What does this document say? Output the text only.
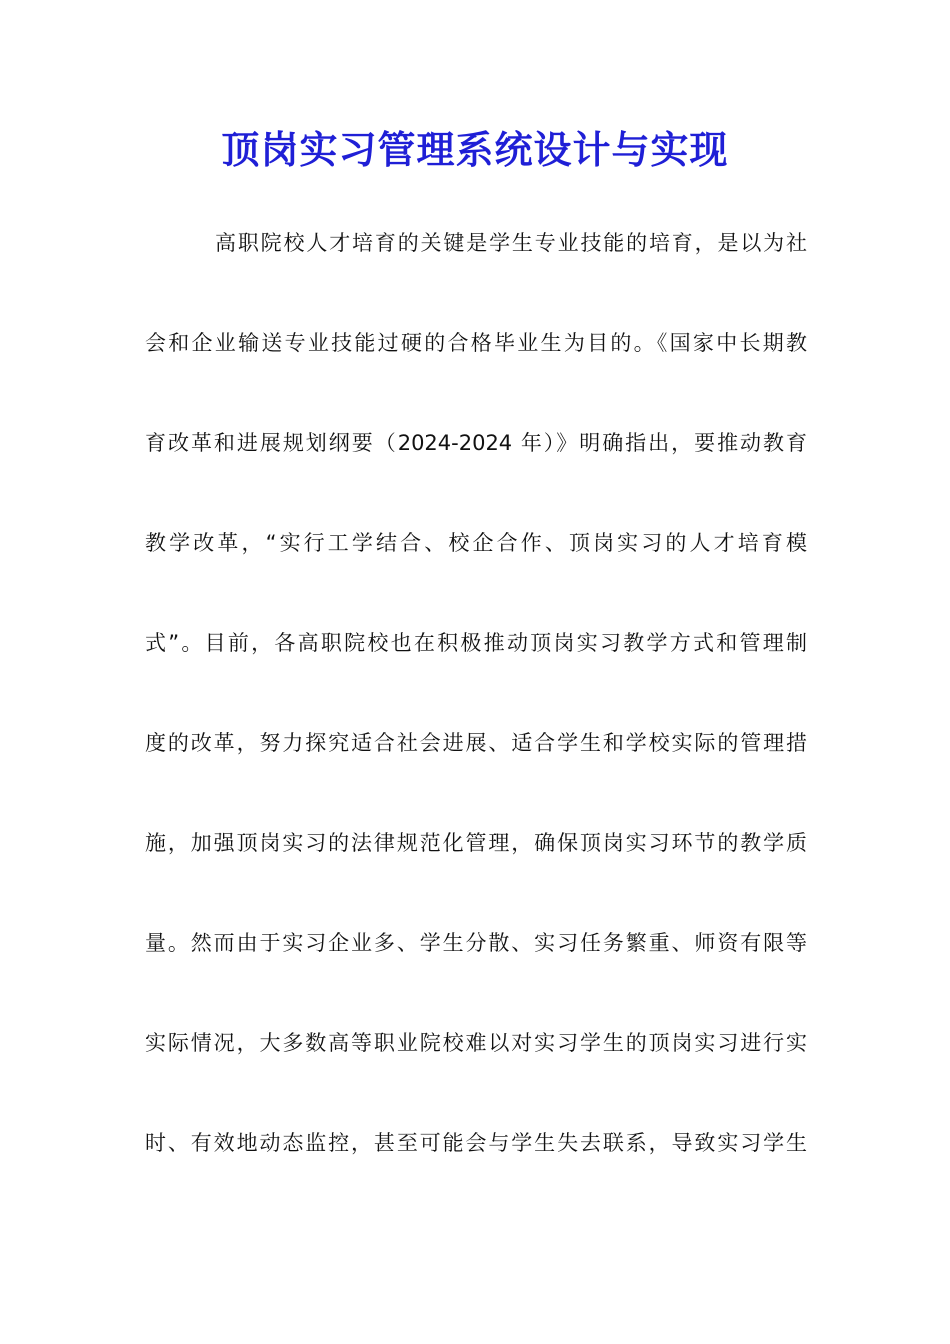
顶岗实习管理系统设计与实现
高职院校人才培育的关键是学生专业技能的培育，是以为社
会和企业输送专业技能过硬的合格毕业生为目的。《国家中长期教
育改革和进展规划纲要（2024-2024 年）》明确指出，要推动教育
教学改革，“实行工学结合、校企合作、顶岗实习的人才培育模
式”。目前，各高职院校也在积极推动顶岗实习教学方式和管理制
度的改革，努力探究适合社会进展、适合学生和学校实际的管理措
施，加强顶岗实习的法律规范化管理，确保顶岗实习环节的教学质
量。然而由于实习企业多、学生分散、实习任务繁重、师资有限等
实际情况，大多数高等职业院校难以对实习学生的顶岗实习进行实
时、有效地动态监控，甚至可能会与学生失去联系，导致实习学生
